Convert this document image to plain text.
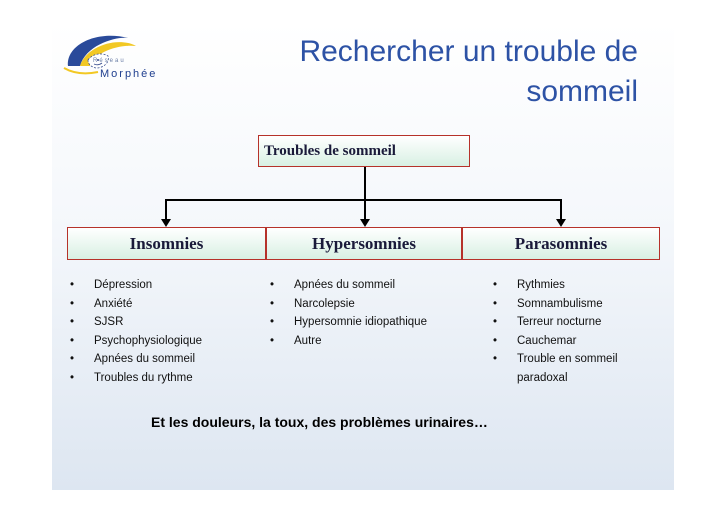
Réseau
Morphée
Rechercher un trouble de
sommeil
Troubles de sommeil
Insomnies	Hypersomnies	Parasomnies
• Dépression
• Anxiété
• SJSR
• Psychophysiologique
• Apnées du sommeil
• Troubles du rythme
• Apnées du sommeil
• Narcolepsie
• Hypersomnie idiopathique
• Autre
• Rythmies
• Somnambulisme
• Terreur nocturne
• Cauchemar
• Trouble en sommeil paradoxal
Et les douleurs, la toux, des problèmes urinaires…
